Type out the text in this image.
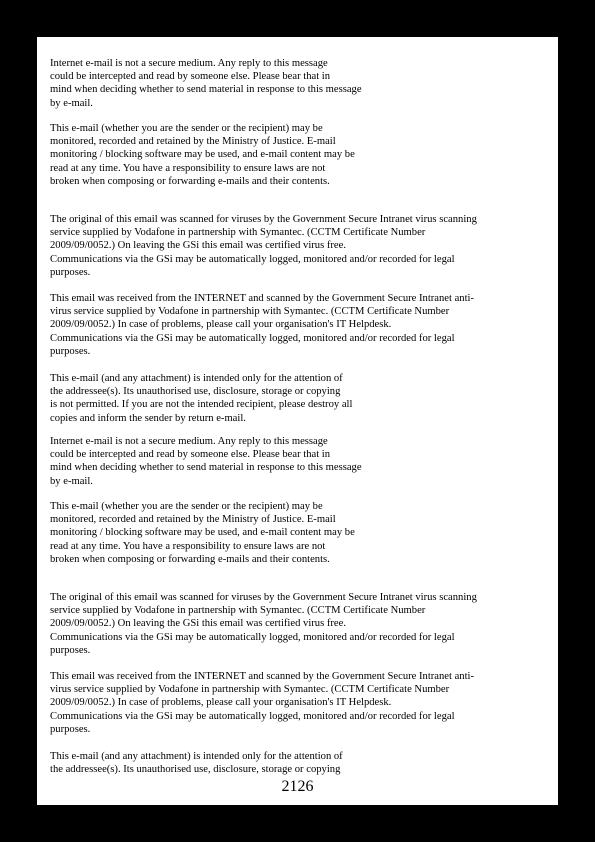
Internet e-mail is not a secure medium. Any reply to this message
could be intercepted and read by someone else. Please bear that in
mind when deciding whether to send material in response to this message
by e-mail.
This e-mail (whether you are the sender or the recipient) may be
monitored, recorded and retained by the Ministry of Justice. E-mail
monitoring / blocking software may be used, and e-mail content may be
read at any time. You have a responsibility to ensure laws are not
broken when composing or forwarding e-mails and their contents.
The original of this email was scanned for viruses by the Government Secure Intranet virus scanning
service supplied by Vodafone in partnership with Symantec. (CCTM Certificate Number
2009/09/0052.) On leaving the GSi this email was certified virus free.
Communications via the GSi may be automatically logged, monitored and/or recorded for legal
purposes.
This email was received from the INTERNET and scanned by the Government Secure Intranet anti-
virus service supplied by Vodafone in partnership with Symantec. (CCTM Certificate Number
2009/09/0052.) In case of problems, please call your organisation's IT Helpdesk.
Communications via the GSi may be automatically logged, monitored and/or recorded for legal
purposes.
This e-mail (and any attachment) is intended only for the attention of
the addressee(s). Its unauthorised use, disclosure, storage or copying
is not permitted. If you are not the intended recipient, please destroy all
copies and inform the sender by return e-mail.
Internet e-mail is not a secure medium. Any reply to this message
could be intercepted and read by someone else. Please bear that in
mind when deciding whether to send material in response to this message
by e-mail.
This e-mail (whether you are the sender or the recipient) may be
monitored, recorded and retained by the Ministry of Justice. E-mail
monitoring / blocking software may be used, and e-mail content may be
read at any time. You have a responsibility to ensure laws are not
broken when composing or forwarding e-mails and their contents.
The original of this email was scanned for viruses by the Government Secure Intranet virus scanning
service supplied by Vodafone in partnership with Symantec. (CCTM Certificate Number
2009/09/0052.) On leaving the GSi this email was certified virus free.
Communications via the GSi may be automatically logged, monitored and/or recorded for legal
purposes.
This email was received from the INTERNET and scanned by the Government Secure Intranet anti-
virus service supplied by Vodafone in partnership with Symantec. (CCTM Certificate Number
2009/09/0052.) In case of problems, please call your organisation's IT Helpdesk.
Communications via the GSi may be automatically logged, monitored and/or recorded for legal
purposes.
This e-mail (and any attachment) is intended only for the attention of
the addressee(s). Its unauthorised use, disclosure, storage or copying
2126
